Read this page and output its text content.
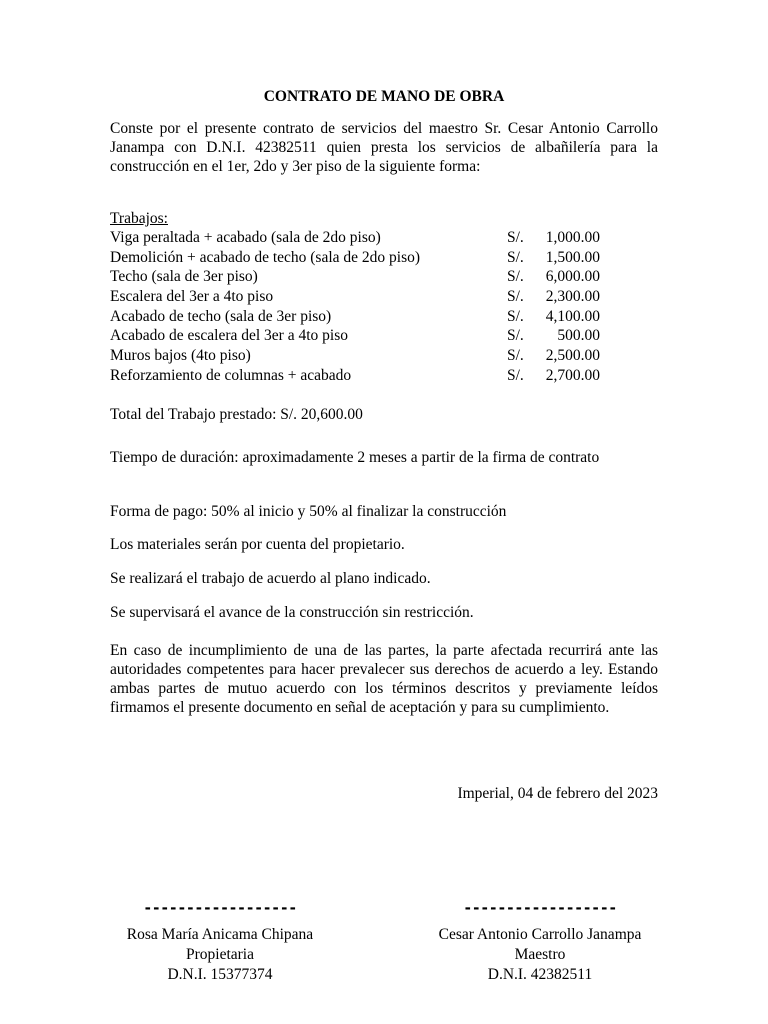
CONTRATO DE MANO DE OBRA
Conste por el presente contrato de servicios del maestro Sr. Cesar Antonio Carrollo Janampa con D.N.I. 42382511 quien presta los servicios de albañilería para la construcción en el 1er, 2do y 3er piso de la siguiente forma:
Trabajos:
Viga peraltada + acabado (sala de 2do piso)	S/.	1,000.00
Demolición + acabado de techo (sala de 2do piso)	S/.	1,500.00
Techo (sala de 3er piso)	S/.	6,000.00
Escalera del 3er a 4to piso	S/.	2,300.00
Acabado de techo (sala de 3er piso)	S/.	4,100.00
Acabado de escalera del 3er a 4to piso	S/.	500.00
Muros bajos (4to piso)	S/.	2,500.00
Reforzamiento de columnas + acabado	S/.	2,700.00
Total del Trabajo prestado: S/. 20,600.00
Tiempo de duración: aproximadamente 2 meses a partir de la firma de contrato
Forma de pago: 50% al inicio y 50% al finalizar la construcción
Los materiales serán por cuenta del propietario.
Se realizará el trabajo de acuerdo al plano indicado.
Se supervisará el avance de la construcción sin restricción.
En caso de incumplimiento de una de las partes, la parte afectada recurrirá ante las autoridades competentes para hacer prevalecer sus derechos de acuerdo a ley. Estando ambas partes de mutuo acuerdo con los términos descritos y previamente leídos firmamos el presente documento en señal de aceptación y para su cumplimiento.
Imperial, 04 de febrero del 2023
------------------
Rosa María Anicama Chipana
Propietaria
D.N.I. 15377374
------------------
Cesar Antonio Carrollo Janampa
Maestro
D.N.I. 42382511
